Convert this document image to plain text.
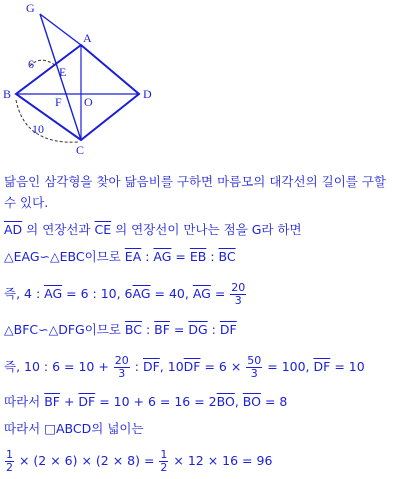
G
A
E
B
F O
D
C
6
10
닮음인 삼각형을 찾아 닮음비를 구하면 마름모의 대각선의 길이를 구할
수 있다.
$\overline{AD}$ 의 연장선과 $\overline{CE}$ 의 연장선이 만나는 점을 G라 하면
△EAG∽△EBC이므로 $\overline{EA}$ : $\overline{AG} = \overline{EB}$ : $\overline{BC}$
즉, 4 : $\overline{AG} = 6$ : 10, $6\overline{AG} = 40$, $\overline{AG} = \frac{20}{3}$
△BFC∽△DFG이므로 $\overline{BC}$ : $\overline{BF} = \overline{DG}$ : $\overline{DF}$
즉, 10 : $6 = 10 + \frac{20}{3}$ : $\overline{DF}$, $10\overline{DF} = 6 \times \frac{50}{3} = 100$, $\overline{DF} = 10$
따라서 $\overline{BF} + \overline{DF} = 10 + 6 = 16 = 2\overline{BO}$, $\overline{BO} = 8$
따라서 □ABCD의 넓이는
$\frac{1}{2} \times (2 \times 6) \times (2 \times 8) = \frac{1}{2} \times 12 \times 16 = 96$
